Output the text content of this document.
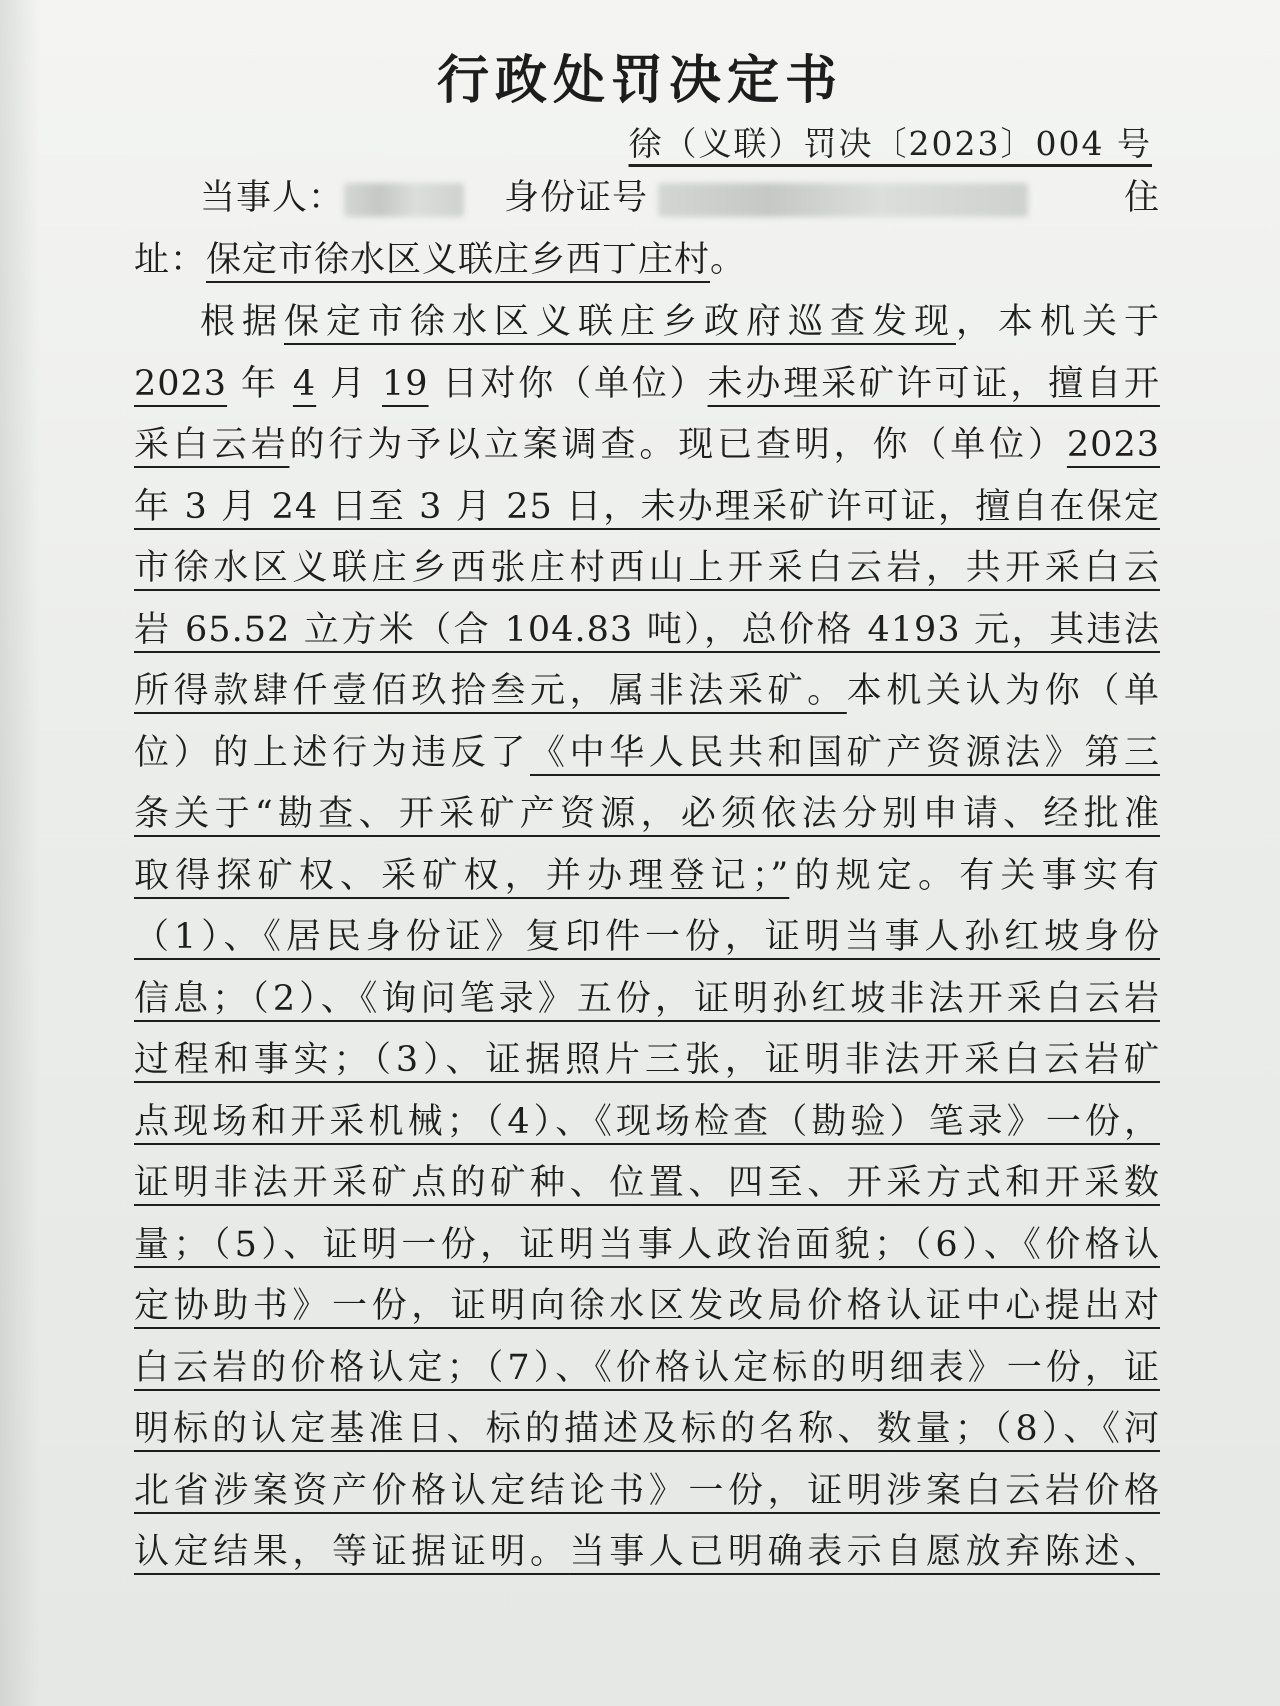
行政处罚决定书
徐（义联）罚决〔2023〕004 号
当事人：	身份证号	住
址：保定市徐水区义联庄乡西丁庄村。
根据保定市徐水区义联庄乡政府巡查发现，本机关于
2023 年 4 月 19 日对你（单位）未办理采矿许可证，擅自开
采白云岩的行为予以立案调查。现已查明，你（单位）2023
年 3 月 24 日至 3 月 25 日，未办理采矿许可证，擅自在保定
市徐水区义联庄乡西张庄村西山上开采白云岩，共开采白云
岩 65.52 立方米（合 104.83 吨），总价格 4193 元，其违法
所得款肆仟壹佰玖拾叁元，属非法采矿。本机关认为你（单
位）的上述行为违反了《中华人民共和国矿产资源法》第三
条关于“勘查、开采矿产资源，必须依法分别申请、经批准
取得探矿权、采矿权，并办理登记；”的规定。有关事实有
（1）、《居民身份证》复印件一份，证明当事人孙红坡身份
信息；（2）、《询问笔录》五份，证明孙红坡非法开采白云岩
过程和事实；（3）、证据照片三张，证明非法开采白云岩矿
点现场和开采机械；（4）、《现场检查（勘验）笔录》一份，
证明非法开采矿点的矿种、位置、四至、开采方式和开采数
量；（5）、证明一份，证明当事人政治面貌；（6）、《价格认
定协助书》一份，证明向徐水区发改局价格认证中心提出对
白云岩的价格认定；（7）、《价格认定标的明细表》一份，证
明标的认定基准日、标的描述及标的名称、数量；（8）、《河
北省涉案资产价格认定结论书》一份，证明涉案白云岩价格
认定结果，等证据证明。当事人已明确表示自愿放弃陈述、
